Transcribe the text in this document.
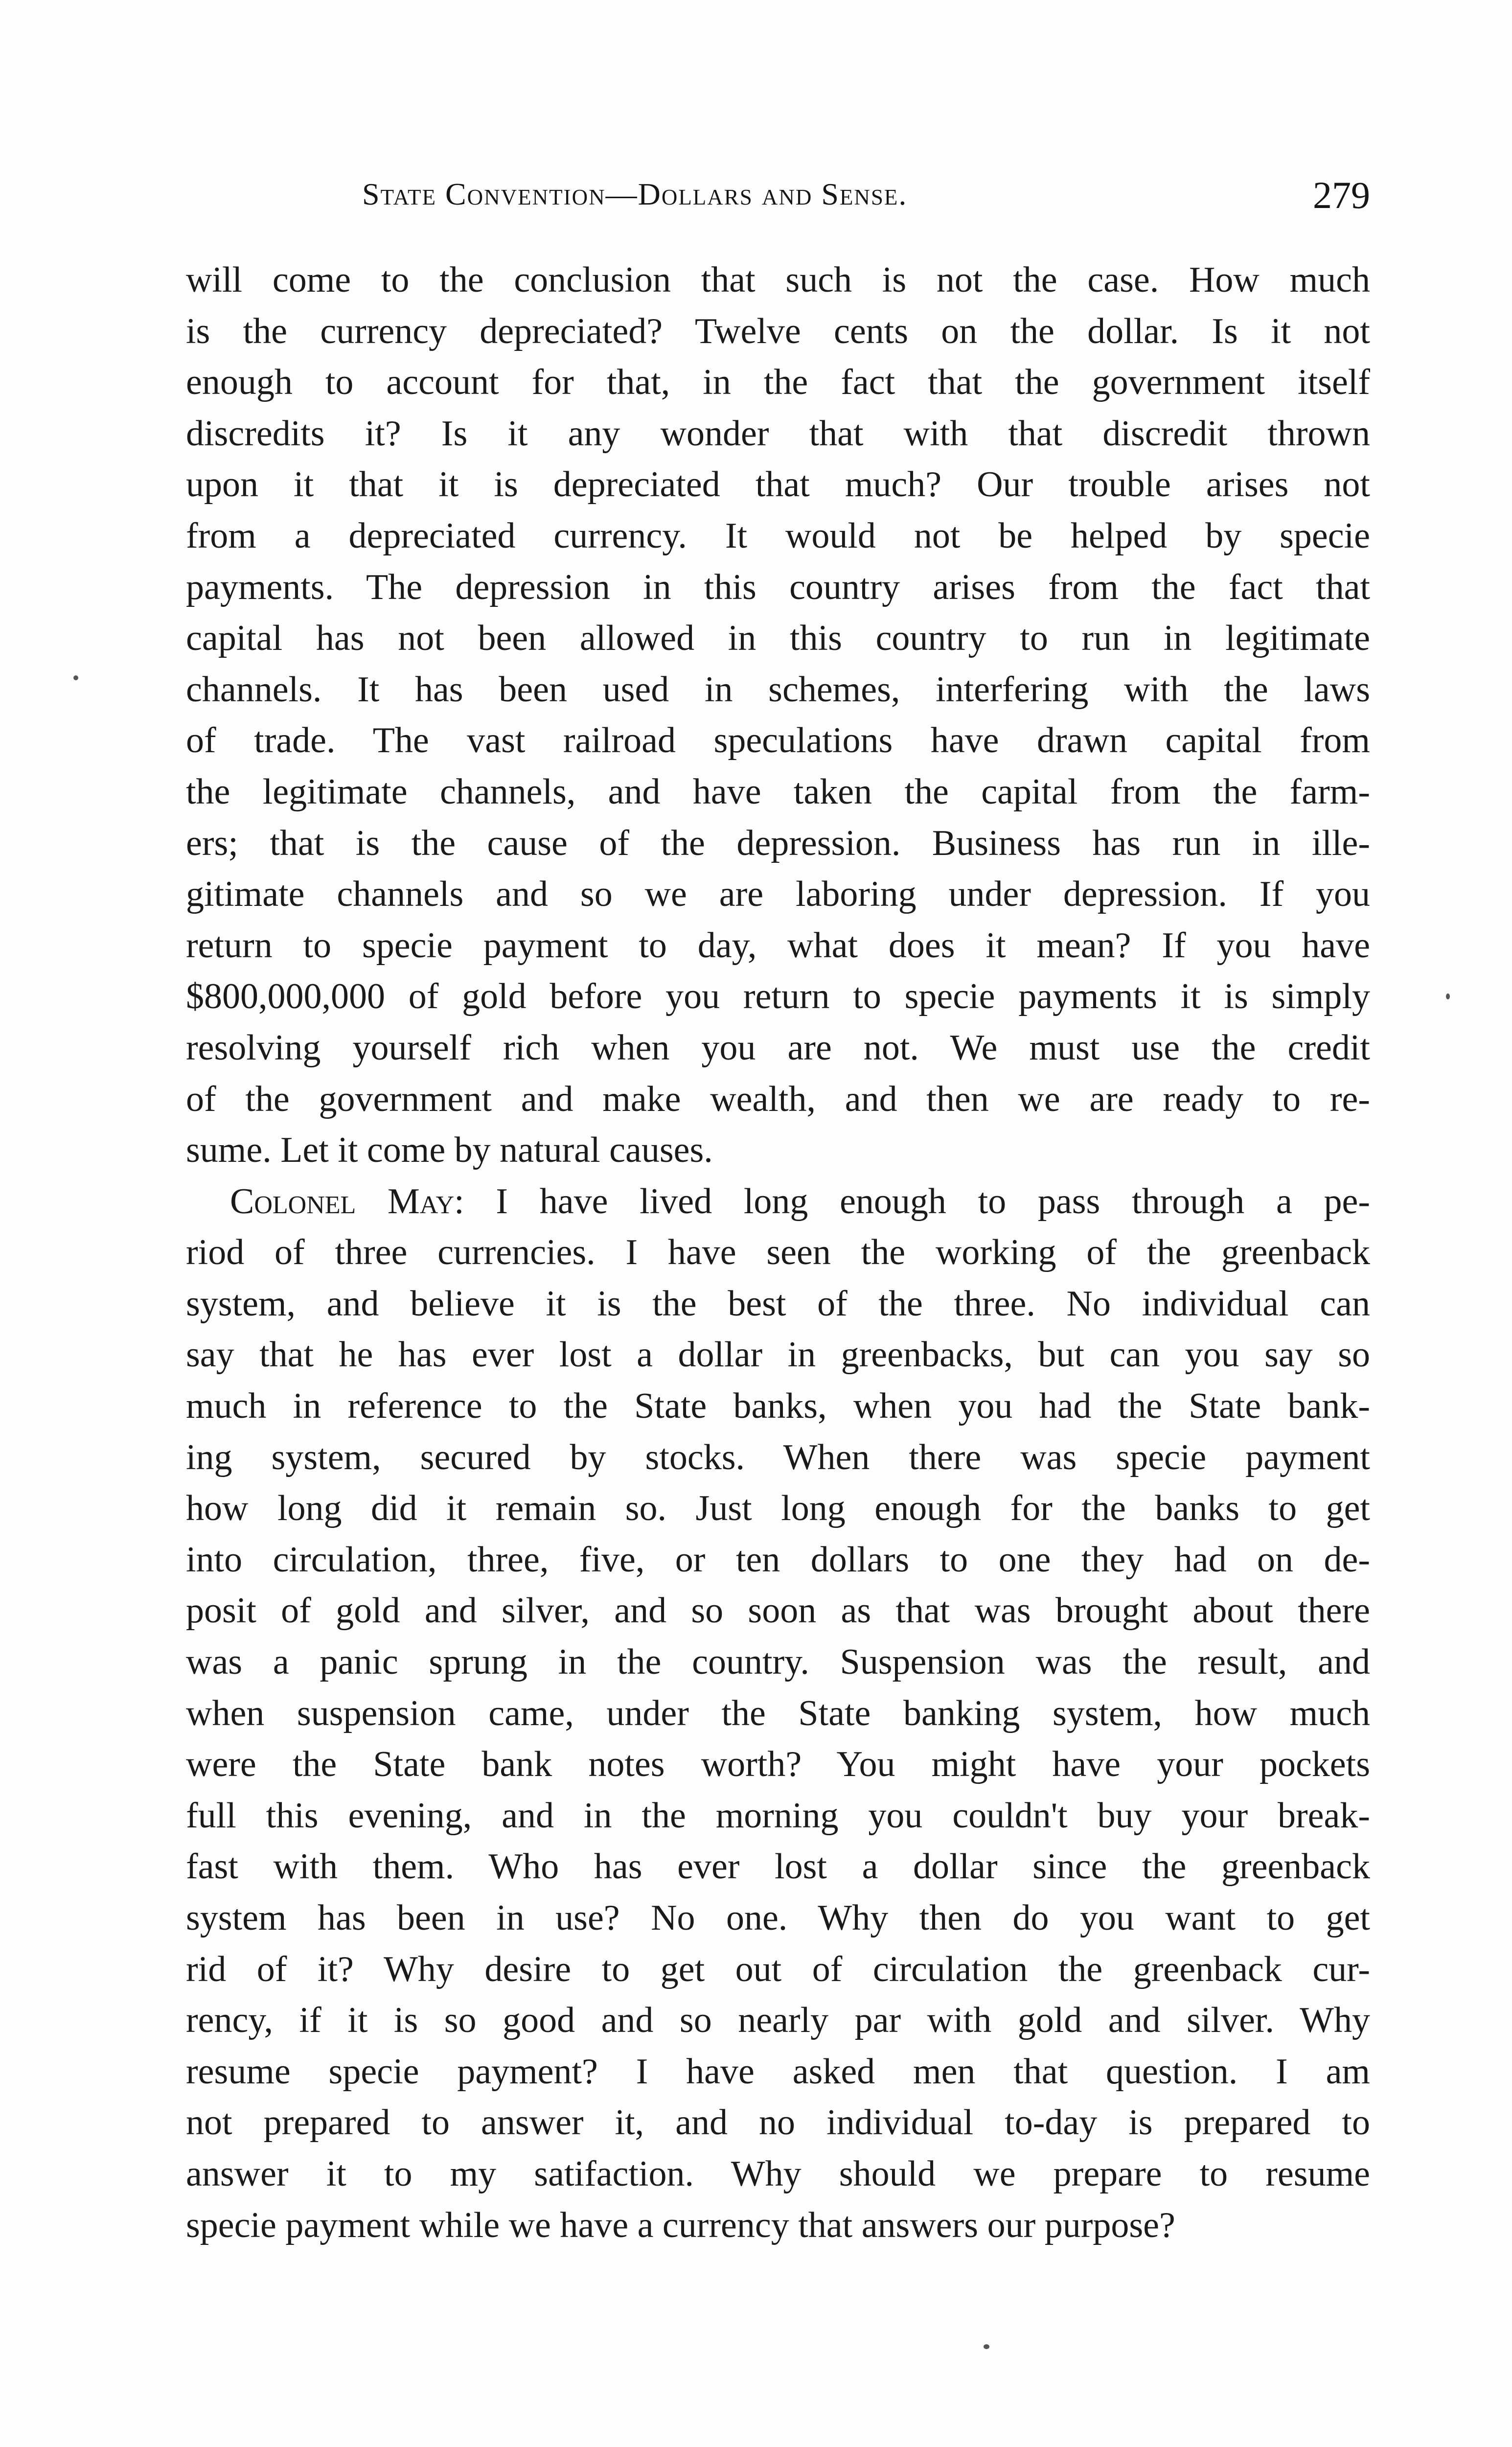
State Convention—Dollars and Sense.	279
will come to the conclusion that such is not the case. How much
is the currency depreciated? Twelve cents on the dollar. Is it not
enough to account for that, in the fact that the government itself
discredits it? Is it any wonder that with that discredit thrown
upon it that it is depreciated that much? Our trouble arises not
from a depreciated currency. It would not be helped by specie
payments. The depression in this country arises from the fact that
capital has not been allowed in this country to run in legitimate
channels. It has been used in schemes, interfering with the laws
of trade. The vast railroad speculations have drawn capital from
the legitimate channels, and have taken the capital from the farm-
ers; that is the cause of the depression. Business has run in ille-
gitimate channels and so we are laboring under depression. If you
return to specie payment to day, what does it mean? If you have
$800,000,000 of gold before you return to specie payments it is simply
resolving yourself rich when you are not. We must use the credit
of the government and make wealth, and then we are ready to re-
sume. Let it come by natural causes.
Colonel May: I have lived long enough to pass through a pe-
riod of three currencies. I have seen the working of the greenback
system, and believe it is the best of the three. No individual can
say that he has ever lost a dollar in greenbacks, but can you say so
much in reference to the State banks, when you had the State bank-
ing system, secured by stocks. When there was specie payment
how long did it remain so. Just long enough for the banks to get
into circulation, three, five, or ten dollars to one they had on de-
posit of gold and silver, and so soon as that was brought about there
was a panic sprung in the country. Suspension was the result, and
when suspension came, under the State banking system, how much
were the State bank notes worth? You might have your pockets
full this evening, and in the morning you couldn't buy your break-
fast with them. Who has ever lost a dollar since the greenback
system has been in use? No one. Why then do you want to get
rid of it? Why desire to get out of circulation the greenback cur-
rency, if it is so good and so nearly par with gold and silver. Why
resume specie payment? I have asked men that question. I am
not prepared to answer it, and no individual to-day is prepared to
answer it to my satifaction. Why should we prepare to resume
specie payment while we have a currency that answers our purpose?
